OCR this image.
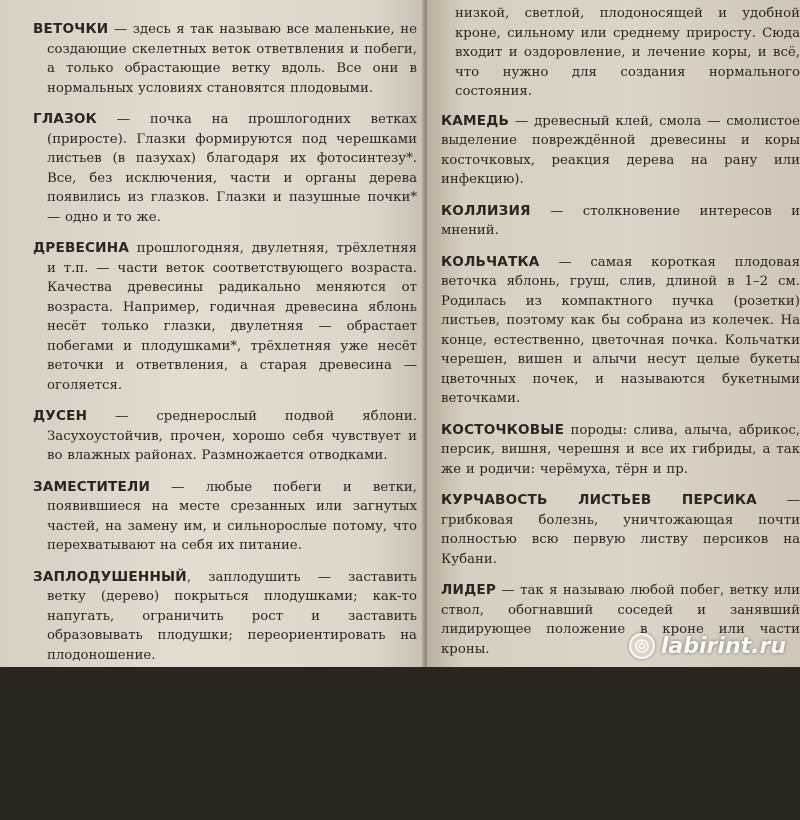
ВЕТОЧКИ — здесь я так называю все маленькие, не создающие скелетных веток ответвления и побеги, а только обрастающие ветку вдоль. Все они в нормальных условиях становятся плодовыми.
ГЛАЗОК — почка на прошлогодних ветках (приросте). Глазки формируются под черешками листьев (в пазухах) благодаря их фотосинтезу*. Все, без исключения, части и органы дерева появились из глазков. Глазки и пазушные почки* — одно и то же.
ДРЕВЕСИНА прошлогодняя, двулетняя, трёхлетняя и т.п. — части веток соответствующего возраста. Качества древесины радикально меняются от возраста. Например, годичная древесина яблонь несёт только глазки, двулетняя — обрастает побегами и плодушками*, трёхлетняя уже несёт веточки и ответвления, а старая древесина — оголяется.
ДУСЕН — среднерослый подвой яблони. Засухоустойчив, прочен, хорошо себя чувствует и во влажных районах. Размножается отводками.
ЗАМЕСТИТЕЛИ — любые побеги и ветки, появившиеся на месте срезанных или загнутых частей, на замену им, и сильнорослые потому, что перехватывают на себя их питание.
ЗАПЛОДУШЕННЫЙ, заплодушить — заставить ветку (дерево) покрыться плодушками; как-то напугать, ограничить рост и заставить образовывать плодушки; переориентировать на плодоношение.
ИММУННЫЙ — совершенно устойчивый к болезни или вредителю.
ИСПРАВЛЕНИЕ дерева — имеется в виду приведение его к оптимальному состоянию: относительно
низкой, светлой, плодоносящей и удобной кроне, сильному или среднему приросту. Сюда входит и оздоровление, и лечение коры, и всё, что нужно для создания нормального состояния.
КАМЕДЬ — древесный клей, смола — смолистое выделение повреждённой древесины и коры косточковых, реакция дерева на рану или инфекцию).
КОЛЛИЗИЯ — столкновение интересов и мнений.
КОЛЬЧАТКА — самая короткая плодовая веточка яблонь, груш, слив, длиной в 1–2 см. Родилась из компактного пучка (розетки) листьев, поэтому как бы собрана из колечек. На конце, естественно, цветочная почка. Кольчатки черешен, вишен и алычи несут целые букеты цветочных почек, и называются букетными веточками.
КОСТОЧКОВЫЕ породы: слива, алыча, абрикос, персик, вишня, черешня и все их гибриды, а так же и родичи: черёмуха, тёрн и пр.
КУРЧАВОСТЬ ЛИСТЬЕВ ПЕРСИКА — грибковая болезнь, уничтожающая почти полностью всю первую листву персиков на Кубани.
ЛИДЕР — так я называю любой побег, ветку или ствол, обогнавший соседей и занявший лидирующее положение в кроне или части кроны.
МОЛОЖЕНИЕ, омоложение, омоложка — удаление постаревших частей для замены их молодыми, оставленными у срезов или вырастающими из места среза.
МОНИЛИОЗ, монилиальный ожог — грибок, в условиях сырой весны поражающий почти все цвету-
labirint.ru
